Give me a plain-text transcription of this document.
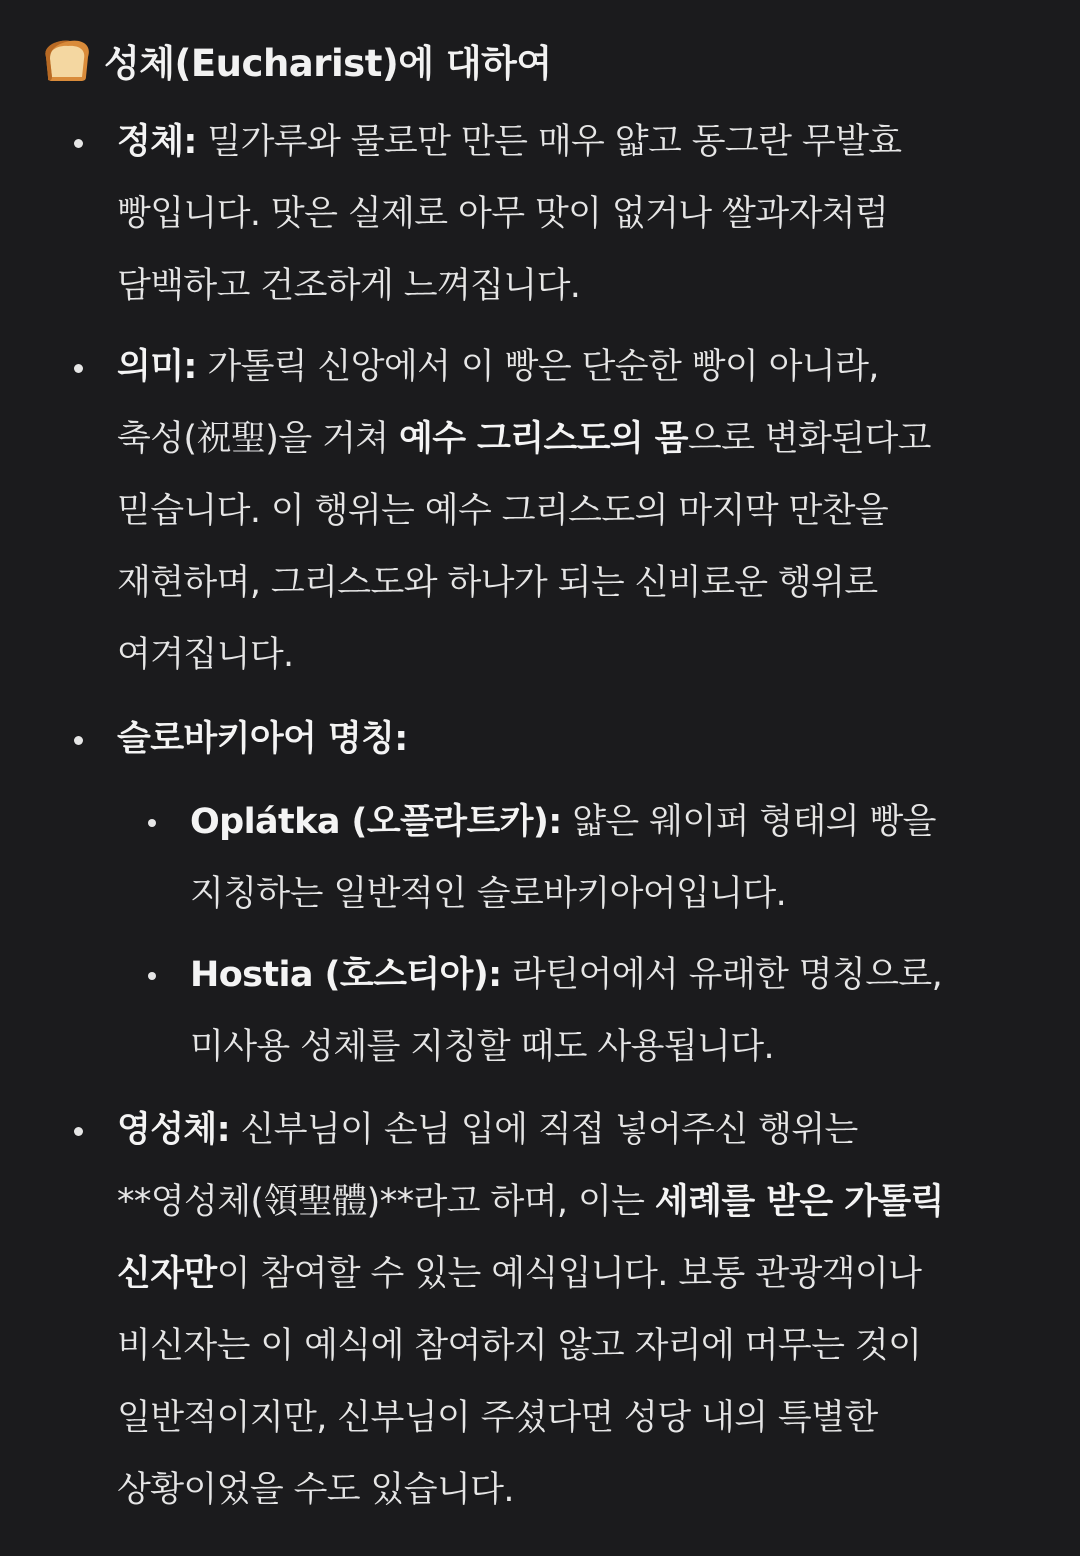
성체(Eucharist)에 대하여
정체: 밀가루와 물로만 만든 매우 얇고 동그란 무발효
빵입니다. 맛은 실제로 아무 맛이 없거나 쌀과자처럼
담백하고 건조하게 느껴집니다.
의미: 가톨릭 신앙에서 이 빵은 단순한 빵이 아니라,
축성(祝聖)을 거쳐 예수 그리스도의 몸으로 변화된다고
믿습니다. 이 행위는 예수 그리스도의 마지막 만찬을
재현하며, 그리스도와 하나가 되는 신비로운 행위로
여겨집니다.
슬로바키아어 명칭:
Oplátka (오플라트카): 얇은 웨이퍼 형태의 빵을
지칭하는 일반적인 슬로바키아어입니다.
Hostia (호스티아): 라틴어에서 유래한 명칭으로,
미사용 성체를 지칭할 때도 사용됩니다.
영성체: 신부님이 손님 입에 직접 넣어주신 행위는
**영성체(領聖體)**라고 하며, 이는 세례를 받은 가톨릭
신자만이 참여할 수 있는 예식입니다. 보통 관광객이나
비신자는 이 예식에 참여하지 않고 자리에 머무는 것이
일반적이지만, 신부님이 주셨다면 성당 내의 특별한
상황이었을 수도 있습니다.
